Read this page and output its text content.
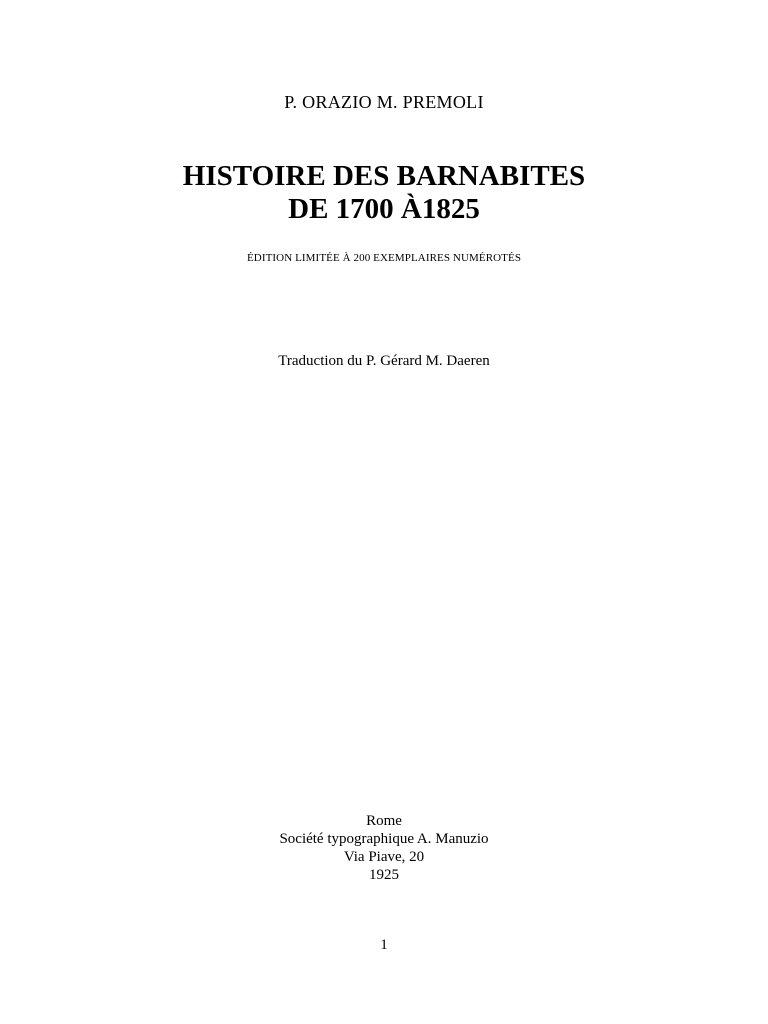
P. ORAZIO M. PREMOLI
HISTOIRE DES BARNABITES
DE 1700 À1825
ÉDITION LIMITÉE À 200 EXEMPLAIRES NUMÉROTÉS
Traduction du P. Gérard M. Daeren
Rome
Société typographique A. Manuzio
Via Piave, 20
1925
1
